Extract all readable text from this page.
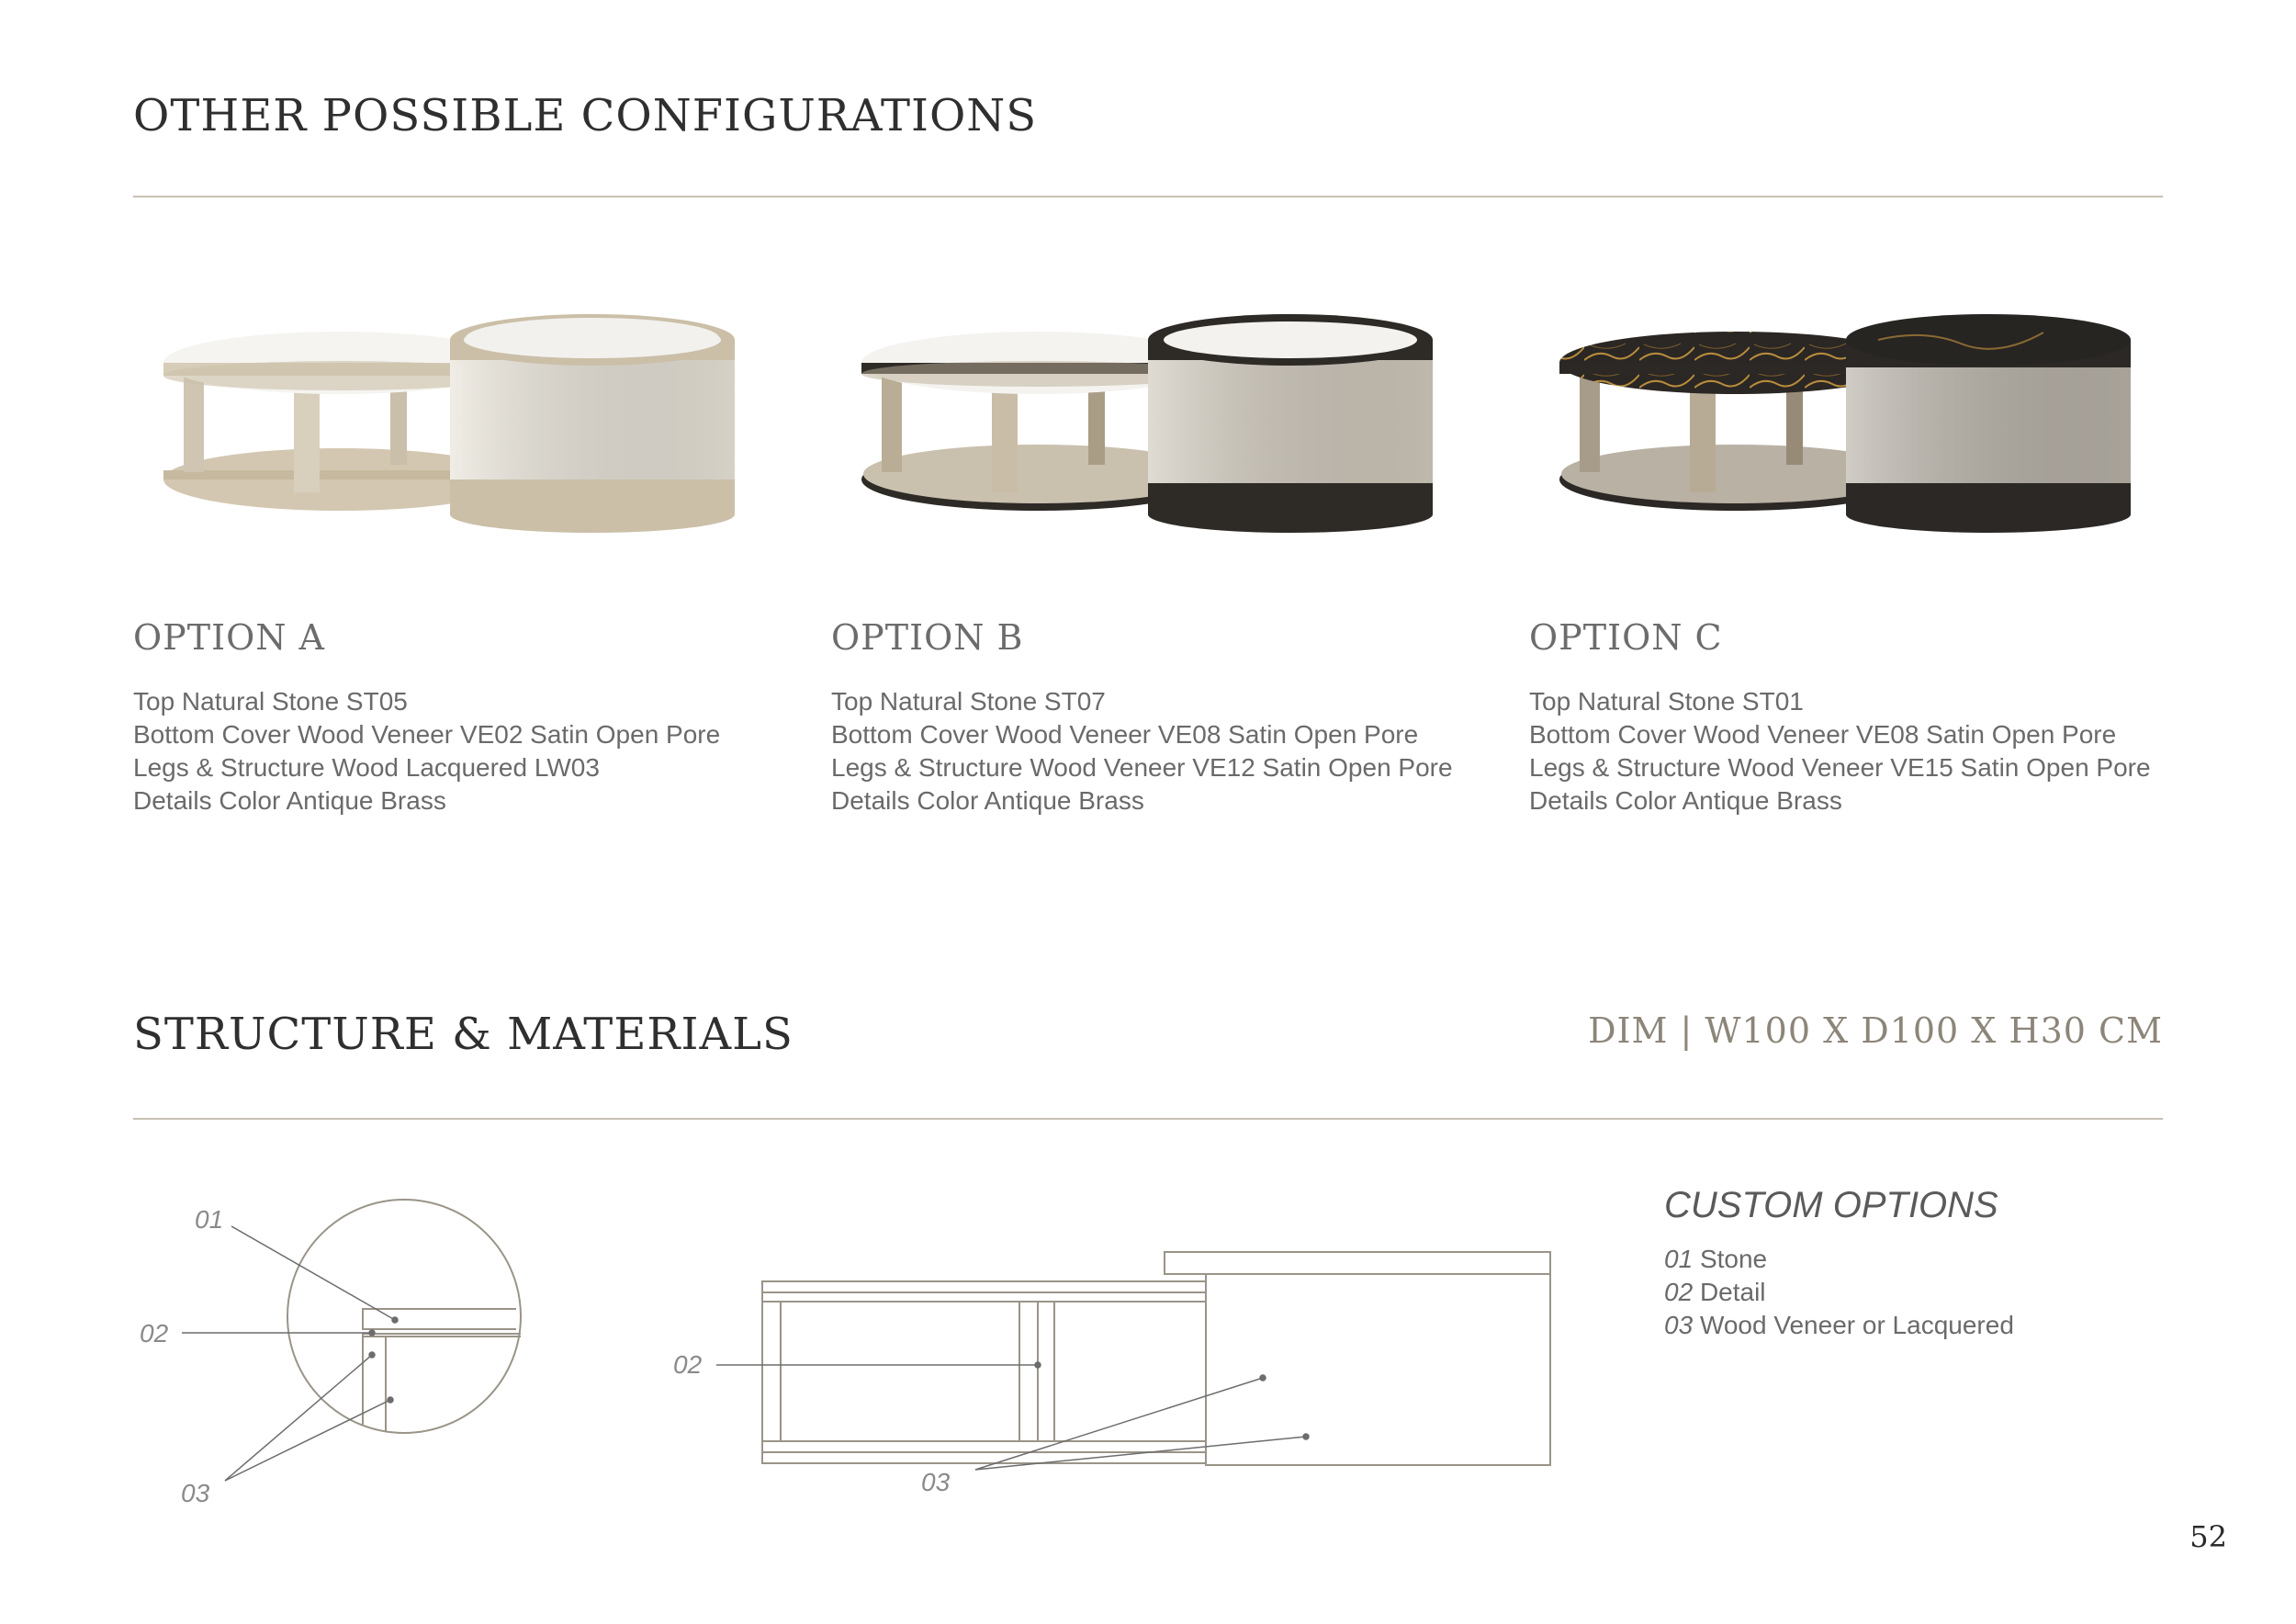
OTHER POSSIBLE CONFIGURATIONS
OPTION A
Top Natural Stone ST05
Bottom Cover Wood Veneer VE02 Satin Open Pore
Legs & Structure Wood Lacquered LW03
Details Color Antique Brass
OPTION B
Top Natural Stone ST07
Bottom Cover Wood Veneer VE08 Satin Open Pore
Legs & Structure Wood Veneer VE12 Satin Open Pore
Details Color Antique Brass
OPTION C
Top Natural Stone ST01
Bottom Cover Wood Veneer VE08 Satin Open Pore
Legs & Structure Wood Veneer VE15 Satin Open Pore
Details Color Antique Brass
STRUCTURE & MATERIALS	DIM | W100 X D100 X H30 CM
01
02
03
02
03
CUSTOM OPTIONS
01 Stone
02 Detail
03 Wood Veneer or Lacquered
52
